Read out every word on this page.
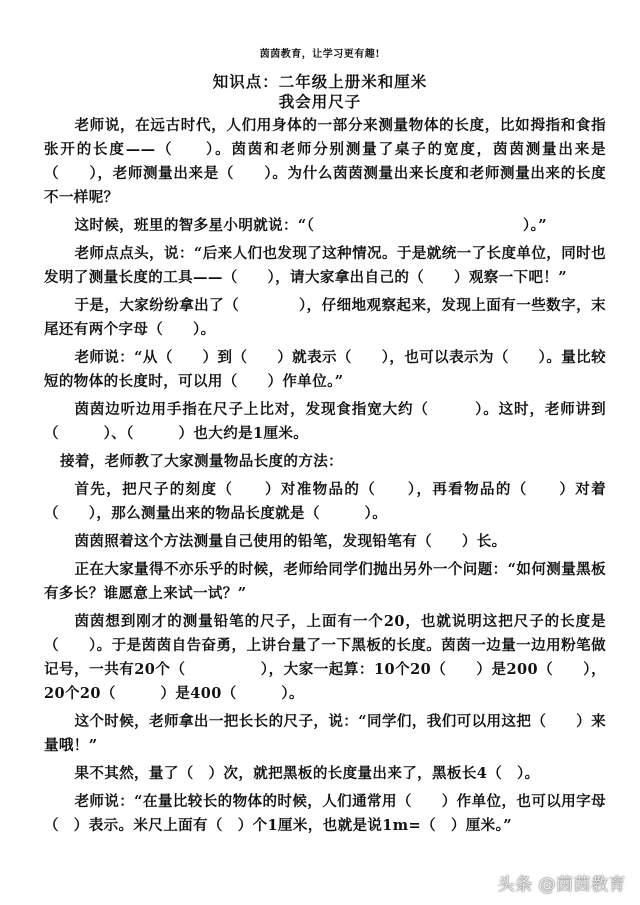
茵茵教育，让学习更有趣!
知识点：二年级上册米和厘米
我会用尺子

老师说，在远古时代，人们用身体的一部分来测量物体的长度，比如拇指和食指张开的长度——（　　）。茵茵和老师分别测量了桌子的宽度，茵茵测量出来是（　　），老师测量出来是（　　）。为什么茵茵测量出来长度和老师测量出来的长度不一样呢？

这时候，班里的智多星小明就说：“（　　　　　　　　　　　　　　）。”

老师点点头，说：“后来人们也发现了这种情况。于是就统一了长度单位，同时也发明了测量长度的工具——（　　），请大家拿出自己的（　　）观察一下吧！”

于是，大家纷纷拿出了（　　　　），仔细地观察起来，发现上面有一些数字，末尾还有两个字母（　　）。

老师说：“从（　　）到（　　）就表示（　　），也可以表示为（　　）。量比较短的物体的长度时，可以用（　　）作单位。”

茵茵边听边用手指在尺子上比对，发现食指宽大约（　　　）。这时，老师讲到（　　　）、（　　　）也大约是1厘米。

接着，老师教了大家测量物品长度的方法：

首先，把尺子的刻度（　　）对准物品的（　　），再看物品的（　　）对着（　　），那么测量出来的物品长度就是（　　　）。

茵茵照着这个方法测量自己使用的铅笔，发现铅笔有（　　）长。

正在大家量得不亦乐乎的时候，老师给同学们抛出另外一个问题：“如何测量黑板有多长？谁愿意上来试一试？”

茵茵想到刚才的测量铅笔的尺子，上面有一个20，也就说明这把尺子的长度是（　　）。于是茵茵自告奋勇，上讲台量了一下黑板的长度。茵茵一边量一边用粉笔做记号，一共有20个（　　　　　），大家一起算：10个20（　　）是200（　　），20个20（　　　）是400（　　　）。

这个时候，老师拿出一把长长的尺子，说：“同学们，我们可以用这把（　　）来量哦！”

果不其然，量了（　）次，就把黑板的长度量出来了，黑板长4（　）。

老师说：“在量比较长的物体的时候，人们通常用（　　）作单位，也可以用字母（　）表示。米尺上面有（　）个1厘米，也就是说1m=（　）厘米。”

头条 @茵茵教育
